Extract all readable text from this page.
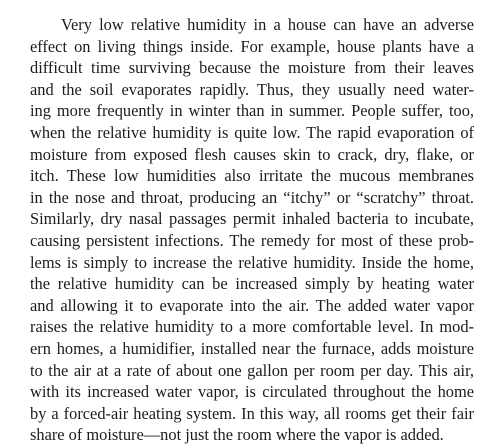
Very low relative humidity in a house can have an adverse
effect on living things inside. For example, house plants have a
difficult time surviving because the moisture from their leaves
and the soil evaporates rapidly. Thus, they usually need water-
ing more frequently in winter than in summer. People suffer, too,
when the relative humidity is quite low. The rapid evaporation of
moisture from exposed flesh causes skin to crack, dry, flake, or
itch. These low humidities also irritate the mucous membranes
in the nose and throat, producing an “itchy” or “scratchy” throat.
Similarly, dry nasal passages permit inhaled bacteria to incubate,
causing persistent infections. The remedy for most of these prob-
lems is simply to increase the relative humidity. Inside the home,
the relative humidity can be increased simply by heating water
and allowing it to evaporate into the air. The added water vapor
raises the relative humidity to a more comfortable level. In mod-
ern homes, a humidifier, installed near the furnace, adds moisture
to the air at a rate of about one gallon per room per day. This air,
with its increased water vapor, is circulated throughout the home
by a forced-air heating system. In this way, all rooms get their fair
share of moisture—not just the room where the vapor is added.
